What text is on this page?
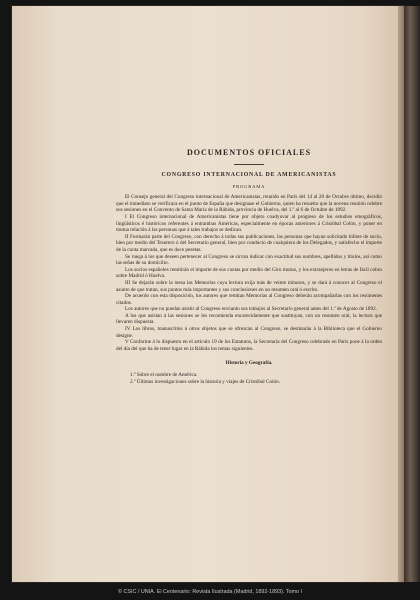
DOCUMENTOS OFICIALES
CONGRESO INTERNACIONAL DE AMERICANISTAS
PROGRAMA

El Consejo general del Congreso internacional de Americanistas, reunido en París del 14 al 20 de Octubre último, decidió que el inmediato se verificara en el punto de España que designase el Gobierno, quien ha resuelto que la novena reunión celebre sus sesiones en el Convento de Santa María de la Rábida, provincia de Huelva, del 1.º al 6 de Octubre de 1892.

I El Congreso internacional de Americanistas tiene por objeto coadyuvar al progreso de los estudios etnográficos, lingüísticos é históricos referentes á entrambas Américas, especialmente en épocas anteriores á Cristóbal Colón, y poner en mutua relación á las personas que á tales trabajos se dedican.

II Formarán parte del Congreso, con derecho á todas sus publicaciones, las personas que hayan solicitado billete de socio, bien por medio del Tesorero ó del Secretario general, bien por conducto de cualquiera de los Delegados, y satisfecho el importe de la cuota marcada, que es doce pesetas.

Se ruega á los que deseen pertenecer al Congreso se sirvan indicar con exactitud sus nombres, apellidos y títulos, así como las señas de su domicilio.

Los socios españoles remitirán el importe de sus cuotas por medio del Giro mutuo, y los extranjeros en letras de fácil cobro sobre Madrid ó Huelva.

III Se dejarán sobre la mesa las Memorias cuya lectura exija más de veinte minutos, y se dará á conocer al Congreso el asunto de que tratan, sus puntos más importantes y sus conclusiones en un resumen oral ó escrito.

De acuerdo con esta disposición, los autores que remitan Memorias al Congreso deberán acompañarlas con los resúmenes citados.

Los autores que no puedan asistir al Congreso enviarán sus trabajos al Secretario general antes del 1.º de Agosto de 1892.

A los que asistan á las sesiones se les recomienda encarecidamente que sustituyan, con un resumen oral, la lectura que llevaren dispuesta.

IV Los libros, manuscritos ú otros objetos que se ofrezcan al Congreso, se destinarán á la Biblioteca que el Gobierno designe.

V Conforme á lo dispuesto en el artículo 19 de los Estatutos, la Secretaría del Congreso celebrado en París pone á la orden del día del que ha de tener lugar en la Rábida los temas siguientes.

Historia y Geografía.

1.º Sobre el nombre de América.

2.º Últimas investigaciones sobre la historia y viajes de Cristóbal Colón.

© CSIC / UNIA. El Centenario: Revista Ilustrada (Madrid, 1892-1893). Tomo I
